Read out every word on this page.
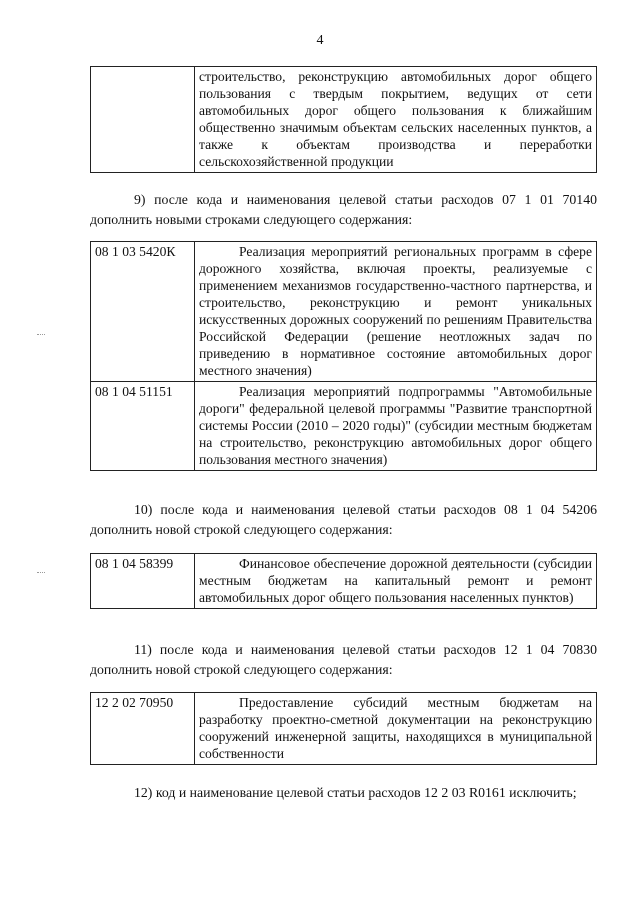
4
	строительство, реконструкцию автомобильных дорог общего пользования с твердым покрытием, ведущих от сети автомобильных дорог общего пользования к ближайшим общественно значимым объектам сельских населенных пунктов, а также к объектам производства и переработки сельскохозяйственной продукции
9) после кода и наименования целевой статьи расходов 07 1 01 70140 дополнить новыми строками следующего содержания:
08 1 03 5420К	Реализация мероприятий региональных программ в сфере дорожного хозяйства, включая проекты, реализуемые с применением механизмов государственно-частного партнерства, и строительство, реконструкцию и ремонт уникальных искусственных дорожных сооружений по решениям Правительства Российской Федерации (решение неотложных задач по приведению в нормативное состояние автомобильных дорог местного значения)
08 1 04 51151	Реализация мероприятий подпрограммы "Автомобильные дороги" федеральной целевой программы "Развитие транспортной системы России (2010 – 2020 годы)" (субсидии местным бюджетам на строительство, реконструкцию автомобильных дорог общего пользования местного значения)
10) после кода и наименования целевой статьи расходов 08 1 04 54206 дополнить новой строкой следующего содержания:
08 1 04 58399	Финансовое обеспечение дорожной деятельности (субсидии местным бюджетам на капитальный ремонт и ремонт автомобильных дорог общего пользования населенных пунктов)
11) после кода и наименования целевой статьи расходов 12 1 04 70830 дополнить новой строкой следующего содержания:
12 2 02 70950	Предоставление субсидий местным бюджетам на разработку проектно-сметной документации на реконструкцию сооружений инженерной защиты, находящихся в муниципальной собственности
12) код и наименование целевой статьи расходов 12 2 03 R0161 исключить;
